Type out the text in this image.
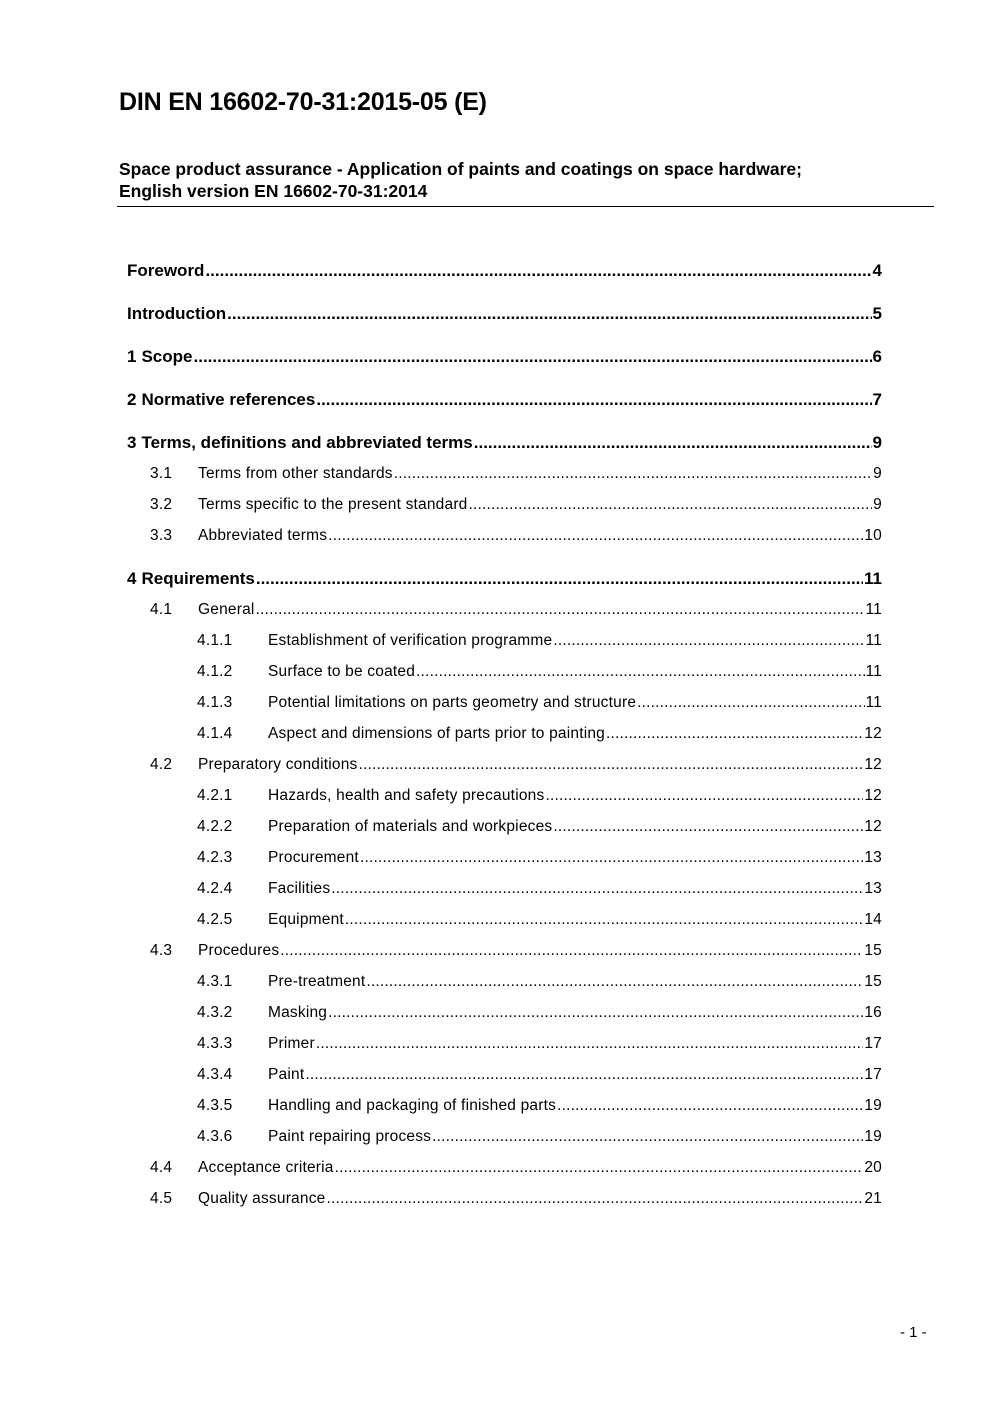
DIN EN 16602-70-31:2015-05 (E)
Space product assurance - Application of paints and coatings on space hardware;
English version EN 16602-70-31:2014
Foreword .....	4
Introduction .....	5
1 Scope .....	6
2 Normative references .....	7
3 Terms, definitions and abbreviated terms .....	9
3.1	Terms from other standards .....	9
3.2	Terms specific to the present standard .....	9
3.3	Abbreviated terms .....	10
4 Requirements .....	11
4.1	General .....	11
4.1.1	Establishment of verification programme .....	11
4.1.2	Surface to be coated .....	11
4.1.3	Potential limitations on parts geometry and structure .....	11
4.1.4	Aspect and dimensions of parts prior to painting .....	12
4.2	Preparatory conditions .....	12
4.2.1	Hazards, health and safety precautions .....	12
4.2.2	Preparation of materials and workpieces .....	12
4.2.3	Procurement .....	13
4.2.4	Facilities .....	13
4.2.5	Equipment .....	14
4.3	Procedures .....	15
4.3.1	Pre-treatment .....	15
4.3.2	Masking .....	16
4.3.3	Primer .....	17
4.3.4	Paint .....	17
4.3.5	Handling and packaging of finished parts .....	19
4.3.6	Paint repairing process .....	19
4.4	Acceptance criteria .....	20
4.5	Quality assurance .....	21
- 1 -
